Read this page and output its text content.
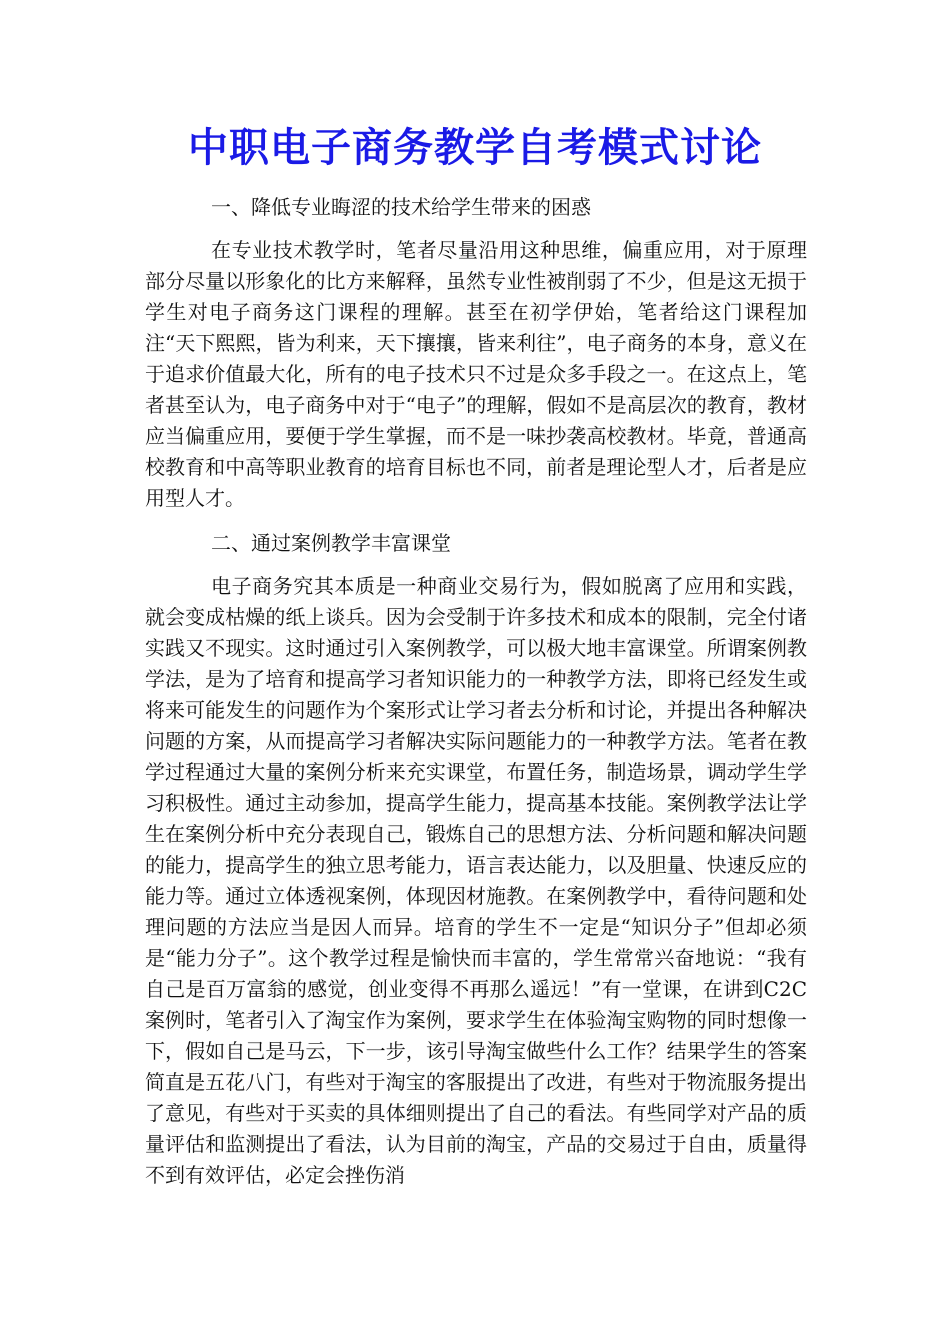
中职电子商务教学自考模式讨论

一、降低专业晦涩的技术给学生带来的困惑

在专业技术教学时，笔者尽量沿用这种思维，偏重应用，对于原理部分尽量以形象化的比方来解释，虽然专业性被削弱了不少，但是这无损于学生对电子商务这门课程的理解。甚至在初学伊始，笔者给这门课程加注“天下熙熙，皆为利来，天下攘攘，皆来利往”，电子商务的本身，意义在于追求价值最大化，所有的电子技术只不过是众多手段之一。在这点上，笔者甚至认为，电子商务中对于“电子”的理解，假如不是高层次的教育，教材应当偏重应用，要便于学生掌握，而不是一味抄袭高校教材。毕竟，普通高校教育和中高等职业教育的培育目标也不同，前者是理论型人才，后者是应用型人才。

二、通过案例教学丰富课堂

电子商务究其本质是一种商业交易行为，假如脱离了应用和实践，就会变成枯燥的纸上谈兵。因为会受制于许多技术和成本的限制，完全付诸实践又不现实。这时通过引入案例教学，可以极大地丰富课堂。所谓案例教学法，是为了培育和提高学习者知识能力的一种教学方法，即将已经发生或将来可能发生的问题作为个案形式让学习者去分析和讨论，并提出各种解决问题的方案，从而提高学习者解决实际问题能力的一种教学方法。笔者在教学过程通过大量的案例分析来充实课堂，布置任务，制造场景，调动学生学习积极性。通过主动参加，提高学生能力，提高基本技能。案例教学法让学生在案例分析中充分表现自己，锻炼自己的思想方法、分析问题和解决问题的能力，提高学生的独立思考能力，语言表达能力，以及胆量、快速反应的能力等。通过立体透视案例，体现因材施教。在案例教学中，看待问题和处理问题的方法应当是因人而异。培育的学生不一定是“知识分子”但却必须是“能力分子”。这个教学过程是愉快而丰富的，学生常常兴奋地说：“我有自己是百万富翁的感觉，创业变得不再那么遥远！”有一堂课，在讲到C2C案例时，笔者引入了淘宝作为案例，要求学生在体验淘宝购物的同时想像一下，假如自己是马云，下一步，该引导淘宝做些什么工作？结果学生的答案简直是五花八门，有些对于淘宝的客服提出了改进，有些对于物流服务提出了意见，有些对于买卖的具体细则提出了自己的看法。有些同学对产品的质量评估和监测提出了看法，认为目前的淘宝，产品的交易过于自由，质量得不到有效评估，必定会挫伤消
